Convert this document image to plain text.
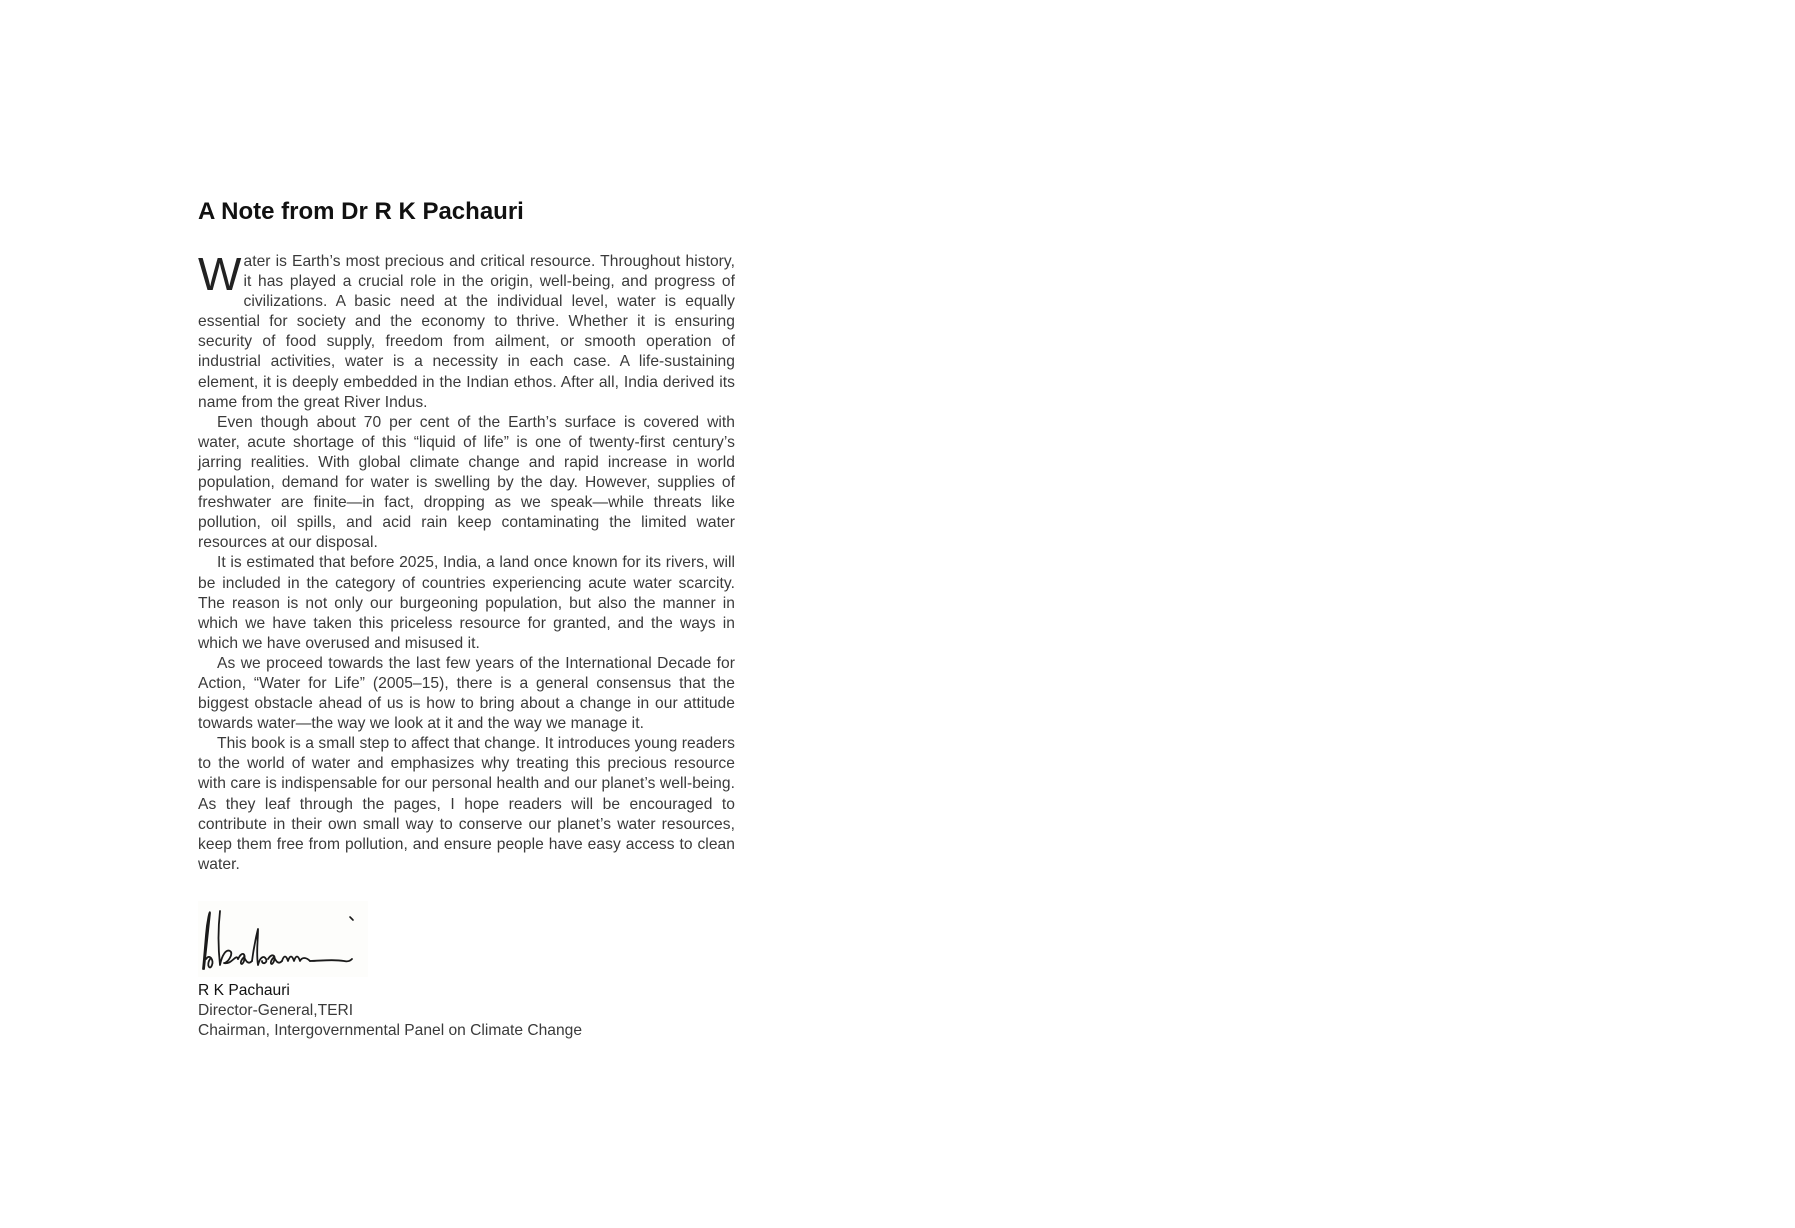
A Note from Dr R K Pachauri

Water is Earth’s most precious and critical resource. Throughout history, it has played a crucial role in the origin, well-being, and progress of civilizations. A basic need at the individual level, water is equally essential for society and the economy to thrive. Whether it is ensuring security of food supply, freedom from ailment, or smooth operation of industrial activities, water is a necessity in each case. A life-sustaining element, it is deeply embedded in the Indian ethos. After all, India derived its name from the great River Indus.

Even though about 70 per cent of the Earth’s surface is covered with water, acute shortage of this “liquid of life” is one of twenty-first century’s jarring realities. With global climate change and rapid increase in world population, demand for water is swelling by the day. However, supplies of freshwater are finite—in fact, dropping as we speak—while threats like pollution, oil spills, and acid rain keep contaminating the limited water resources at our disposal.

It is estimated that before 2025, India, a land once known for its rivers, will be included in the category of countries experiencing acute water scarcity. The reason is not only our burgeoning population, but also the manner in which we have taken this priceless resource for granted, and the ways in which we have overused and misused it.

As we proceed towards the last few years of the International Decade for Action, “Water for Life” (2005–15), there is a general consensus that the biggest obstacle ahead of us is how to bring about a change in our attitude towards water—the way we look at it and the way we manage it.

This book is a small step to affect that change. It introduces young readers to the world of water and emphasizes why treating this precious resource with care is indispensable for our personal health and our planet’s well-being. As they leaf through the pages, I hope readers will be encouraged to contribute in their own small way to conserve our planet’s water resources, keep them free from pollution, and ensure people have easy access to clean water.

R K Pachauri
Director-General,TERI
Chairman, Intergovernmental Panel on Climate Change
